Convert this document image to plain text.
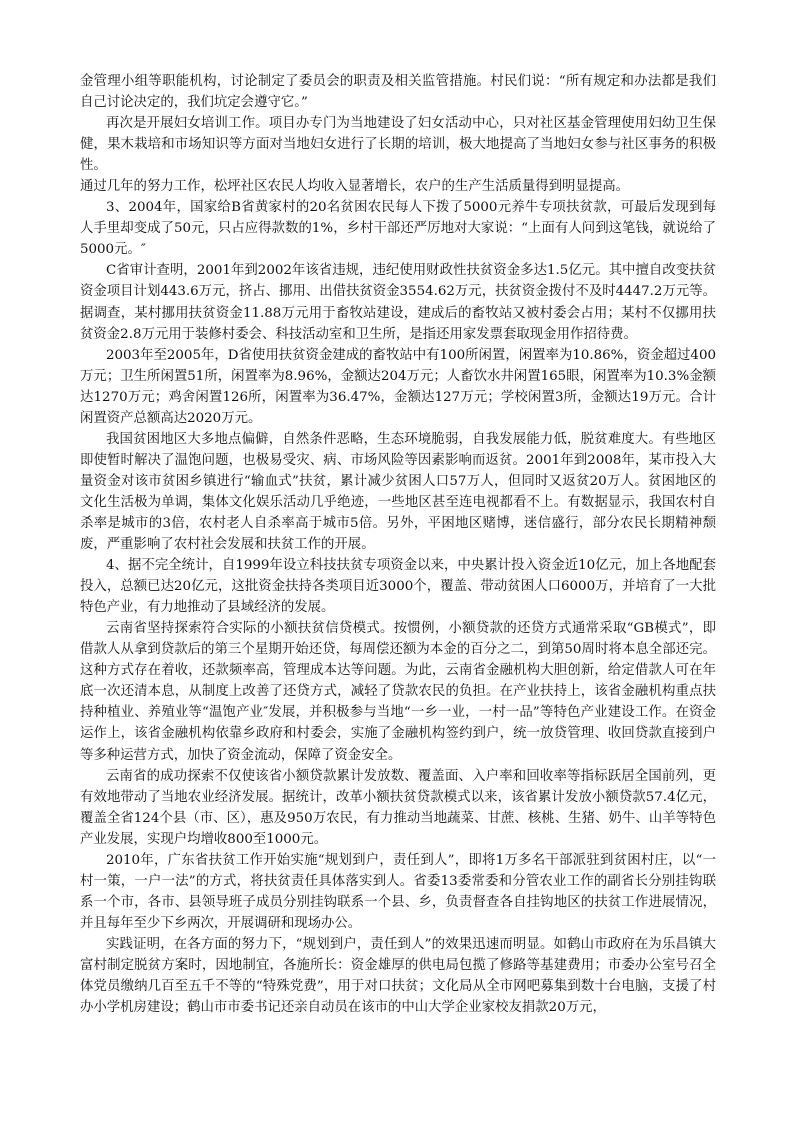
金管理小组等职能机构，讨论制定了委员会的职责及相关监管措施。村民们说：“所有规定和办法都是我们自己讨论决定的，我们坑定会遵守它。”

再次是开展妇女培训工作。项目办专门为当地建设了妇女活动中心，只对社区基金管理使用妇幼卫生保健，果木栽培和市场知识等方面对当地妇女进行了长期的培训，极大地提高了当地妇女参与社区事务的积极性。

通过几年的努力工作，松坪社区农民人均收入显著增长，农户的生产生活质量得到明显提高。

3、2004年，国家给B省黄家村的20名贫困农民每人下拨了5000元养牛专项扶贫款，可最后发现到每人手里却变成了50元，只占应得款数的1%，乡村干部还严厉地对大家说：“上面有人问到这笔钱，就说给了5000元。″

C省审计查明，2001年到2002年该省违规，违纪使用财政性扶贫资金多达1.5亿元。其中擅自改变扶贫资金项目计划443.6万元，挤占、挪用、出借扶贫资金3554.62万元，扶贫资金拨付不及时4447.2万元等。据调查，某村挪用扶贫资金11.88万元用于畜牧站建设，建成后的畜牧站又被村委会占用；某村不仅挪用扶贫资金2.8万元用于装修村委会、科技活动室和卫生所，是指还用家发票套取现金用作招待费。

2003年至2005年，D省使用扶贫资金建成的畜牧站中有100所闲置，闲置率为10.86%，资金超过400万元；卫生所闲置51所，闲置率为8.96%，金额达204万元；人畜饮水井闲置165眼，闲置率为10.3%金额达1270万元；鸡舍闲置126所，闲置率为36.47%，金额达127万元；学校闲置3所，金额达19万元。合计闲置资产总额高达2020万元。

我国贫困地区大多地点偏僻，自然条件恶略，生态环境脆弱，自我发展能力低，脱贫难度大。有些地区即使暂时解决了温饱问题，也极易受灾、病、市场风险等因素影响而返贫。2001年到2008年，某市投入大量资金对该市贫困乡镇进行“输血式”扶贫，累计减少贫困人口57万人，但同时又返贫20万人。贫困地区的文化生活极为单调，集体文化娱乐活动几乎绝迹，一些地区甚至连电视都看不上。有数据显示，我国农村自杀率是城市的3倍，农村老人自杀率高于城市5倍。另外，平困地区赌博，迷信盛行，部分农民长期精神颓废，严重影响了农村社会发展和扶贫工作的开展。

4、据不完全统计，自1999年设立科技扶贫专项资金以来，中央累计投入资金近10亿元，加上各地配套投入，总额已达20亿元，这批资金扶持各类项目近3000个，覆盖、带动贫困人口6000万，并培育了一大批特色产业，有力地推动了县域经济的发展。

云南省坚持探索符合实际的小额扶贫信贷模式。按惯例，小额贷款的还贷方式通常采取“GB模式”，即借款人从拿到贷款后的第三个星期开始还贷，每周偿还额为本金的百分之二，到第50周时将本息全部还完。这种方式存在着收，还款频率高，管理成本达等问题。为此，云南省金融机构大胆创新，给定借款人可在年底一次还清本息，从制度上改善了还贷方式，减轻了贷款农民的负担。在产业扶持上，该省金融机构重点扶持种植业、养殖业等“温饱产业″发展，并积极参与当地“一乡一业，一村一品”等特色产业建设工作。在资金运作上，该省金融机构依靠乡政府和村委会，实施了金融机构签约到户，统一放贷管理、收回贷款直接到户等多种运营方式，加快了资金流动，保障了资金安全。

云南省的成功探索不仅使该省小额贷款累计发放数、覆盖面、入户率和回收率等指标跃居全国前列，更有效地带动了当地农业经济发展。据统计，改革小额扶贫贷款模式以来，该省累计发放小额贷款57.4亿元，覆盖全省124个县（市、区），惠及950万农民，有力推动当地蔬菜、甘蔗、核桃、生猪、奶牛、山羊等特色产业发展，实现户均增收800至1000元。

2010年，广东省扶贫工作开始实施“规划到户，责任到人”，即将1万多名干部派驻到贫困村庄，以“一村一策，一户一法”的方式，将扶贫责任具体落实到人。省委13委常委和分管农业工作的副省长分别挂钩联系一个市，各市、县领导班子成员分别挂钩联系一个县、乡，负责督查各自挂钩地区的扶贫工作进展情况，并且每年至少下乡两次，开展调研和现场办公。

实践证明，在各方面的努力下，“规划到户，责任到人”的效果迅速而明显。如鹤山市政府在为乐昌镇大富村制定脱贫方案时，因地制宜，各施所长：资金雄厚的供电局包揽了修路等基建费用；市委办公室号召全体党员缴纳几百至五千不等的“特殊党费”，用于对口扶贫；文化局从全市网吧募集到数十台电脑，支援了村办小学机房建设；鹤山市市委书记还亲自动员在该市的中山大学企业家校友捐款20万元，
